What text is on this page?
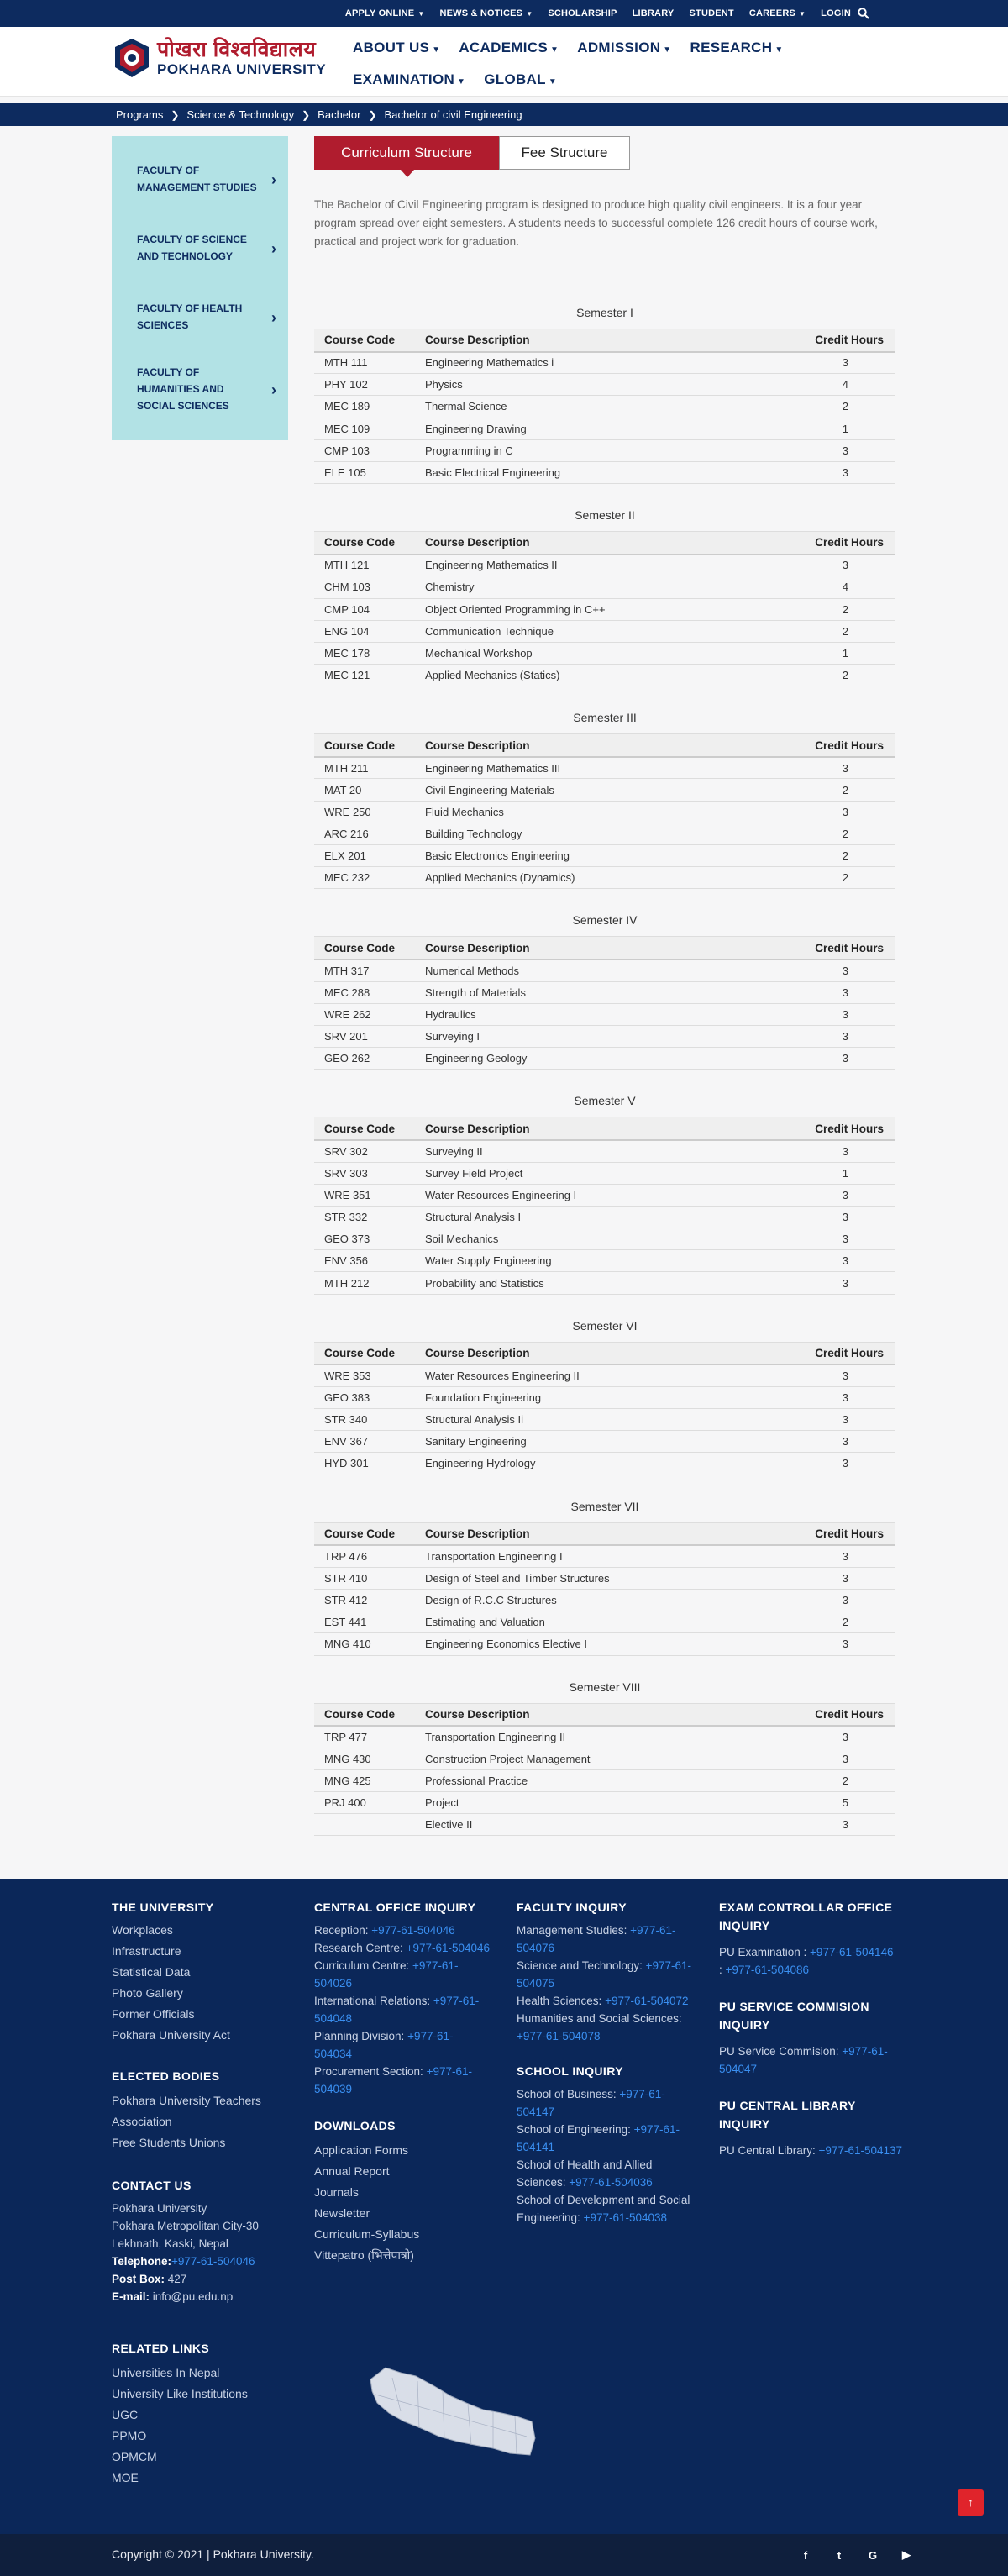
APPLY ONLINE ▼ NEWS & NOTICES ▼ SCHOLARSHIP LIBRARY STUDENT CAREERS ▼ LOGIN
पोखरा विश्वविद्यालय
POKHARA UNIVERSITY
ABOUT US ▼ ACADEMICS ▼ ADMISSION ▼ RESEARCH ▼
EXAMINATION ▼ GLOBAL ▼
Programs ❯ Science & Technology ❯ Bachelor ❯ Bachelor of civil Engineering
FACULTY OF MANAGEMENT STUDIES ›
FACULTY OF SCIENCE AND TECHNOLOGY	›
FACULTY OF HEALTH SCIENCES	›
FACULTY OF HUMANITIES AND SOCIAL SCIENCES
›
Curriculum Structure	Fee Structure

The Bachelor of Civil Engineering program is designed to produce high quality civil engineers. It is a four year program spread over eight semesters. A students needs to successful complete 126 credit hours of course work, practical and project work for graduation.

Semester I
Course Code	Course Description	Credit Hours
MTH 111	Engineering Mathematics i	3
PHY 102	Physics	4
MEC 189	Thermal Science	2
MEC 109	Engineering Drawing	1
CMP 103	Programming in C	3
ELE 105	Basic Electrical Engineering	3
Semester II
Course Code	Course Description	Credit Hours
MTH 121	Engineering Mathematics II	3
CHM 103	Chemistry	4
CMP 104	Object Oriented Programming in C++	2
ENG 104	Communication Technique	2
MEC 178	Mechanical Workshop	1
MEC 121	Applied Mechanics (Statics)	2
Semester III
Course Code	Course Description	Credit Hours
MTH 211	Engineering Mathematics III	3
MAT 20	Civil Engineering Materials	2
WRE 250	Fluid Mechanics	3
ARC 216	Building Technology	2
ELX 201	Basic Electronics Engineering	2
MEC 232	Applied Mechanics (Dynamics)	2
Semester IV
Course Code	Course Description	Credit Hours
MTH 317	Numerical Methods	3
MEC 288	Strength of Materials	3
WRE 262	Hydraulics	3
SRV 201	Surveying I	3
GEO 262	Engineering Geology	3
Semester V
Course Code	Course Description	Credit Hours
SRV 302	Surveying II	3
SRV 303	Survey Field Project	1
WRE 351	Water Resources Engineering I	3
STR 332	Structural Analysis I	3
GEO 373	Soil Mechanics	3
ENV 356	Water Supply Engineering	3
MTH 212	Probability and Statistics	3
Semester VI
Course Code	Course Description	Credit Hours
WRE 353	Water Resources Engineering II	3
GEO 383	Foundation Engineering	3
STR 340	Structural Analysis Ii	3
ENV 367	Sanitary Engineering	3
HYD 301	Engineering Hydrology	3
Semester VII
Course Code	Course Description	Credit Hours
TRP 476	Transportation Engineering I	3
STR 410	Design of Steel and Timber Structures	3
STR 412	Design of R.C.C Structures	3
EST 441	Estimating and Valuation	2
MNG 410	Engineering Economics Elective I	3
Semester VIII
Course Code	Course Description	Credit Hours
TRP 477	Transportation Engineering II	3
MNG 430	Construction Project Management	3
MNG 425	Professional Practice	2
PRJ 400	Project	5
	Elective II	3
THE UNIVERSITY
Workplaces
Infrastructure
Statistical Data
Photo Gallery
Former Officials
Pokhara University Act
ELECTED BODIES
Pokhara University Teachers Association
Free Students Unions
CONTACT US
Pokhara University
Pokhara Metropolitan City-30
Lekhnath, Kaski, Nepal
Telephone:+977-61-504046
Post Box: 427
E-mail: info@pu.edu.np
RELATED LINKS
Universities In Nepal
University Like Institutions
UGC
PPMO
OPMCM
MOE
CENTRAL OFFICE INQUIRY
Reception: +977-61-504046
Research Centre: +977-61-504046
Curriculum Centre: +977-61-504026
International Relations: +977-61-504048
Planning Division: +977-61-504034
Procurement Section: +977-61-504039
DOWNLOADS
Application Forms
Annual Report
Journals
Newsletter
Curriculum-Syllabus
Vittepatro (भित्तेपात्रो)
FACULTY INQUIRY
Management Studies: +977-61-504076
Science and Technology: +977-61-504075
Health Sciences: +977-61-504072
Humanities and Social Sciences: +977-61-504078
SCHOOL INQUIRY
School of Business: +977-61-504147
School of Engineering: +977-61-504141
School of Health and Allied Sciences: +977-61-504036
School of Development and Social Engineering: +977-61-504038
EXAM CONTROLLAR OFFICE INQUIRY
PU Examination : +977-61-504146
: +977-61-504086
PU SERVICE COMMISION INQUIRY
PU Service Commision: +977-61-504047
PU CENTRAL LIBRARY INQUIRY
PU Central Library: +977-61-504137
↑
Copyright © 2021 | Pokhara University.	f	t	G	▶
